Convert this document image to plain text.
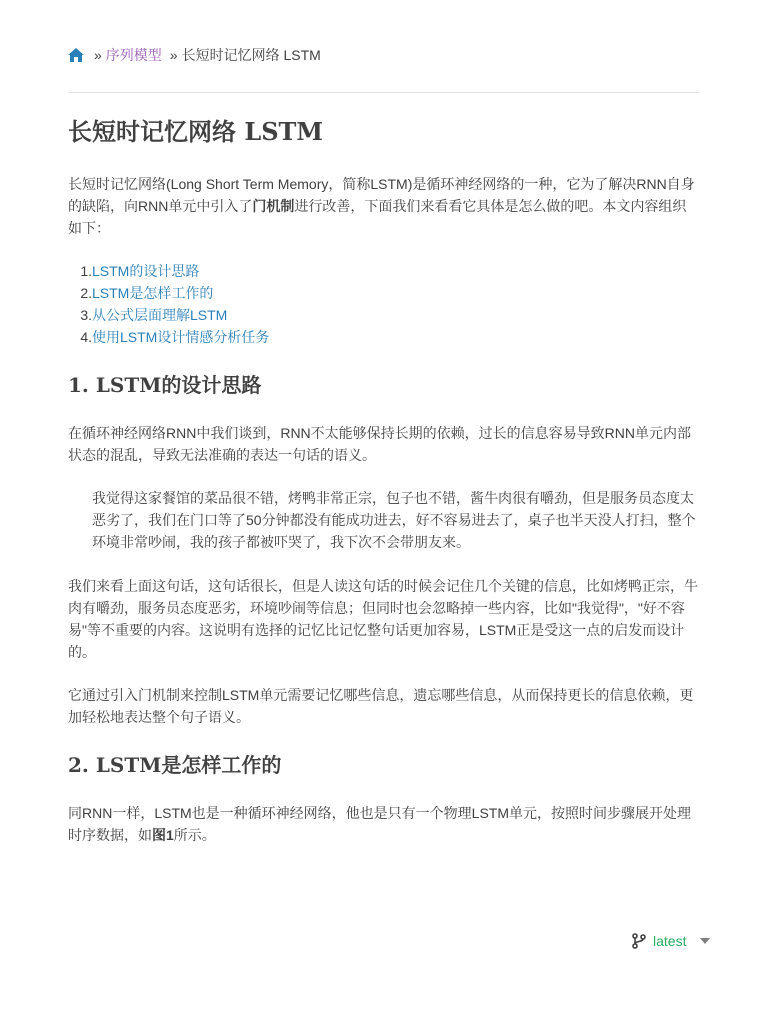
» 序列模型 » 长短时记忆网络 LSTM
长短时记忆网络 LSTM

长短时记忆网络(Long Short Term Memory，简称LSTM)是循环神经网络的一种，它为了解决RNN自身的缺陷，向RNN单元中引入了门机制进行改善，下面我们来看看它具体是怎么做的吧。本文内容组织如下：

1. LSTM的设计思路
2. LSTM是怎样工作的
3. 从公式层面理解LSTM
4. 使用LSTM设计情感分析任务
1. LSTM的设计思路

在循环神经网络RNN中我们谈到，RNN不太能够保持长期的依赖，过长的信息容易导致RNN单元内部状态的混乱，导致无法准确的表达一句话的语义。

我觉得这家餐馆的菜品很不错，烤鸭非常正宗，包子也不错，酱牛肉很有嚼劲，但是服务员态度太恶劣了，我们在门口等了50分钟都没有能成功进去，好不容易进去了，桌子也半天没人打扫，整个环境非常吵闹，我的孩子都被吓哭了，我下次不会带朋友来。

我们来看上面这句话，这句话很长，但是人读这句话的时候会记住几个关键的信息，比如烤鸭正宗，牛肉有嚼劲，服务员态度恶劣，环境吵闹等信息；但同时也会忽略掉一些内容，比如"我觉得"，"好不容易"等不重要的内容。这说明有选择的记忆比记忆整句话更加容易，LSTM正是受这一点的启发而设计的。

它通过引入门机制来控制LSTM单元需要记忆哪些信息，遗忘哪些信息，从而保持更长的信息依赖，更加轻松地表达整个句子语义。

2. LSTM是怎样工作的

同RNN一样，LSTM也是一种循环神经网络，他也是只有一个物理LSTM单元，按照时间步骤展开处理时序数据，如图1所示。

latest
